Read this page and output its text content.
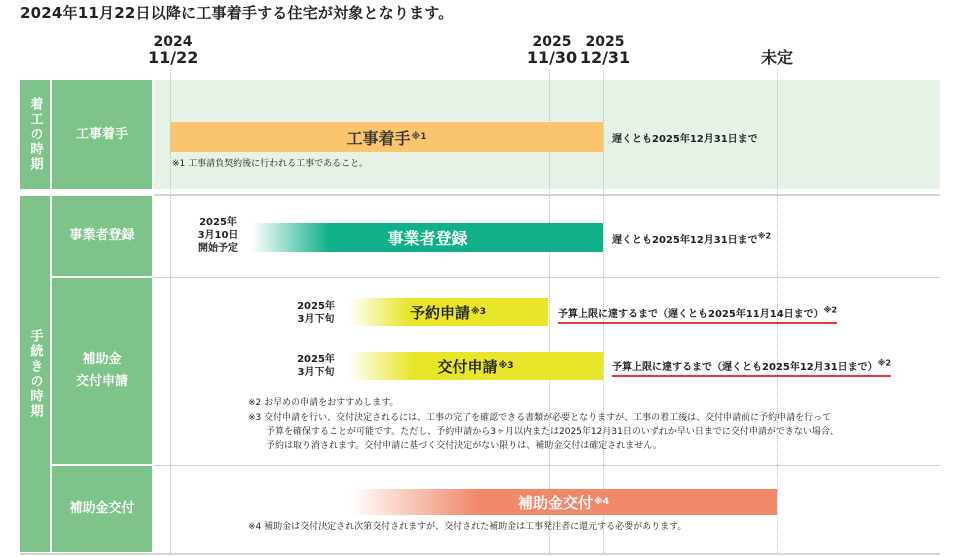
2024年11月22日以降に工事着手する住宅が対象となります。
2024
11/22
2025
11/30
2025
12/31	未定
着工の時期	工事着手
手続きの時期
事業者登録
補助金
交付申請
補助金交付
工事着手 ※1	遅くとも2025年12月31日まで
※1 工事請負契約後に行われる工事であること。
2025年
3月10日
開始予定
事業者登録	遅くとも2025年12月31日まで$^{※2}$
2025年
3月下旬	予約申請 ※3	予算上限に達するまで（遅くとも2025年11月14日まで）$^{※2}$
2025年
3月下旬	交付申請 ※3	予算上限に達するまで（遅くとも2025年12月31日まで）$^{※2}$
※2 お早めの申請をおすすめします。
※3 交付申請を行い、交付決定されるには、工事の完了を確認できる書類が必要となりますが、工事の着工後は、交付申請前に予約申請を行って
　　予算を確保することが可能です。ただし、予約申請から3ヶ月以内または2025年12月31日のいずれか早い日までに交付申請ができない場合、
　　予約は取り消されます。交付申請に基づく交付決定がない限りは、補助金交付は確定されません。
補助金交付 ※4
※4 補助金は交付決定され次第交付されますが、交付された補助金は工事発注者に還元する必要があります。
